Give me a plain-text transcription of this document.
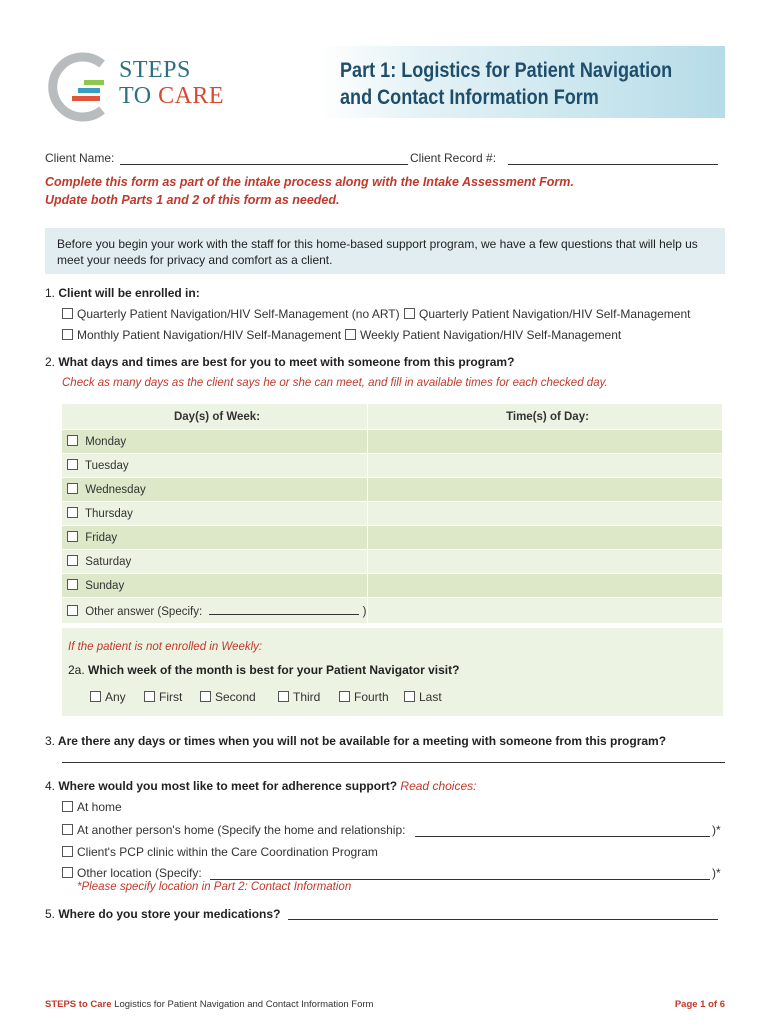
STEPS
TO CARE
Part 1: Logistics for Patient Navigation
and Contact Information Form
Client Name:	Client Record #:
Complete this form as part of the intake process along with the Intake Assessment Form.
Update both Parts 1 and 2 of this form as needed.
Before you begin your work with the staff for this home-based support program, we have a few questions that will help us meet your needs for privacy and comfort as a client.
1. Client will be enrolled in:
Quarterly Patient Navigation/HIV Self-Management (no ART)	Quarterly Patient Navigation/HIV Self-Management
Monthly Patient Navigation/HIV Self-Management	Weekly Patient Navigation/HIV Self-Management
2. What days and times are best for you to meet with someone from this program?
Check as many days as the client says he or she can meet, and fill in available times for each checked day.
Day(s) of Week:	Time(s) of Day:
Monday	
Tuesday	
Wednesday	
Thursday	
Friday	
Saturday	
Sunday	
Other answer (Specify: )	
If the patient is not enrolled in Weekly:
2a. Which week of the month is best for your Patient Navigator visit?
Any	First	Second	Third	Fourth	Last
3. Are there any days or times when you will not be available for a meeting with someone from this program?
4. Where would you most like to meet for adherence support? Read choices:
At home
At another person's home (Specify the home and relationship:	)*
Client's PCP clinic within the Care Coordination Program
Other location (Specify:	)*
*Please specify location in Part 2: Contact Information
5. Where do you store your medications?
STEPS to Care Logistics for Patient Navigation and Contact Information Form	Page 1 of 6
